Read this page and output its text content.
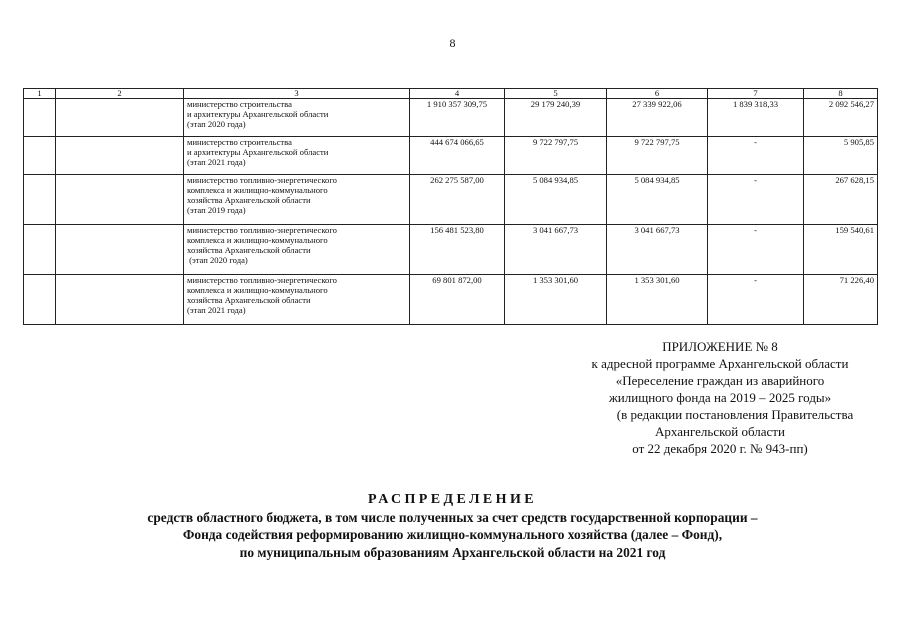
8
1	2	3	4	5	6	7	8

		министерство строительства
и архитектуры Архангельской области
(этап 2020 года)	1 910 357 309,75	29 179 240,39	27 339 922,06	1 839 318,33	2 092 546,27

		министерство строительства
и архитектуры Архангельской области
(этап 2021 года)	444 674 066,65	9 722 797,75	9 722 797,75	-	5 905,85

		министерство топливно-энергетического
комплекса и жилищно-коммунального
хозяйства Архангельской области
(этап 2019 года)	262 275 587,00	5 084 934,85	5 084 934,85	-	267 628,15

		министерство топливно-энергетического
комплекса и жилищно-коммунального
хозяйства Архангельской области
(этап 2020 года)	156 481 523,80	3 041 667,73	3 041 667,73	-	159 540,61

		министерство топливно-энергетического
комплекса и жилищно-коммунального
хозяйства Архангельской области
(этап 2021 года)	69 801 872,00	1 353 301,60	1 353 301,60	-	71 226,40
ПРИЛОЖЕНИЕ № 8
к адресной программе Архангельской области
«Переселение граждан из аварийного
жилищного фонда на 2019 – 2025 годы»
(в редакции постановления Правительства
Архангельской области
от 22 декабря 2020 г. № 943-пп)
РАСПРЕДЕЛЕНИЕ
средств областного бюджета, в том числе полученных за счет средств государственной корпорации –
Фонда содействия реформированию жилищно-коммунального хозяйства (далее – Фонд),
по муниципальным образованиям Архангельской области на 2021 год
